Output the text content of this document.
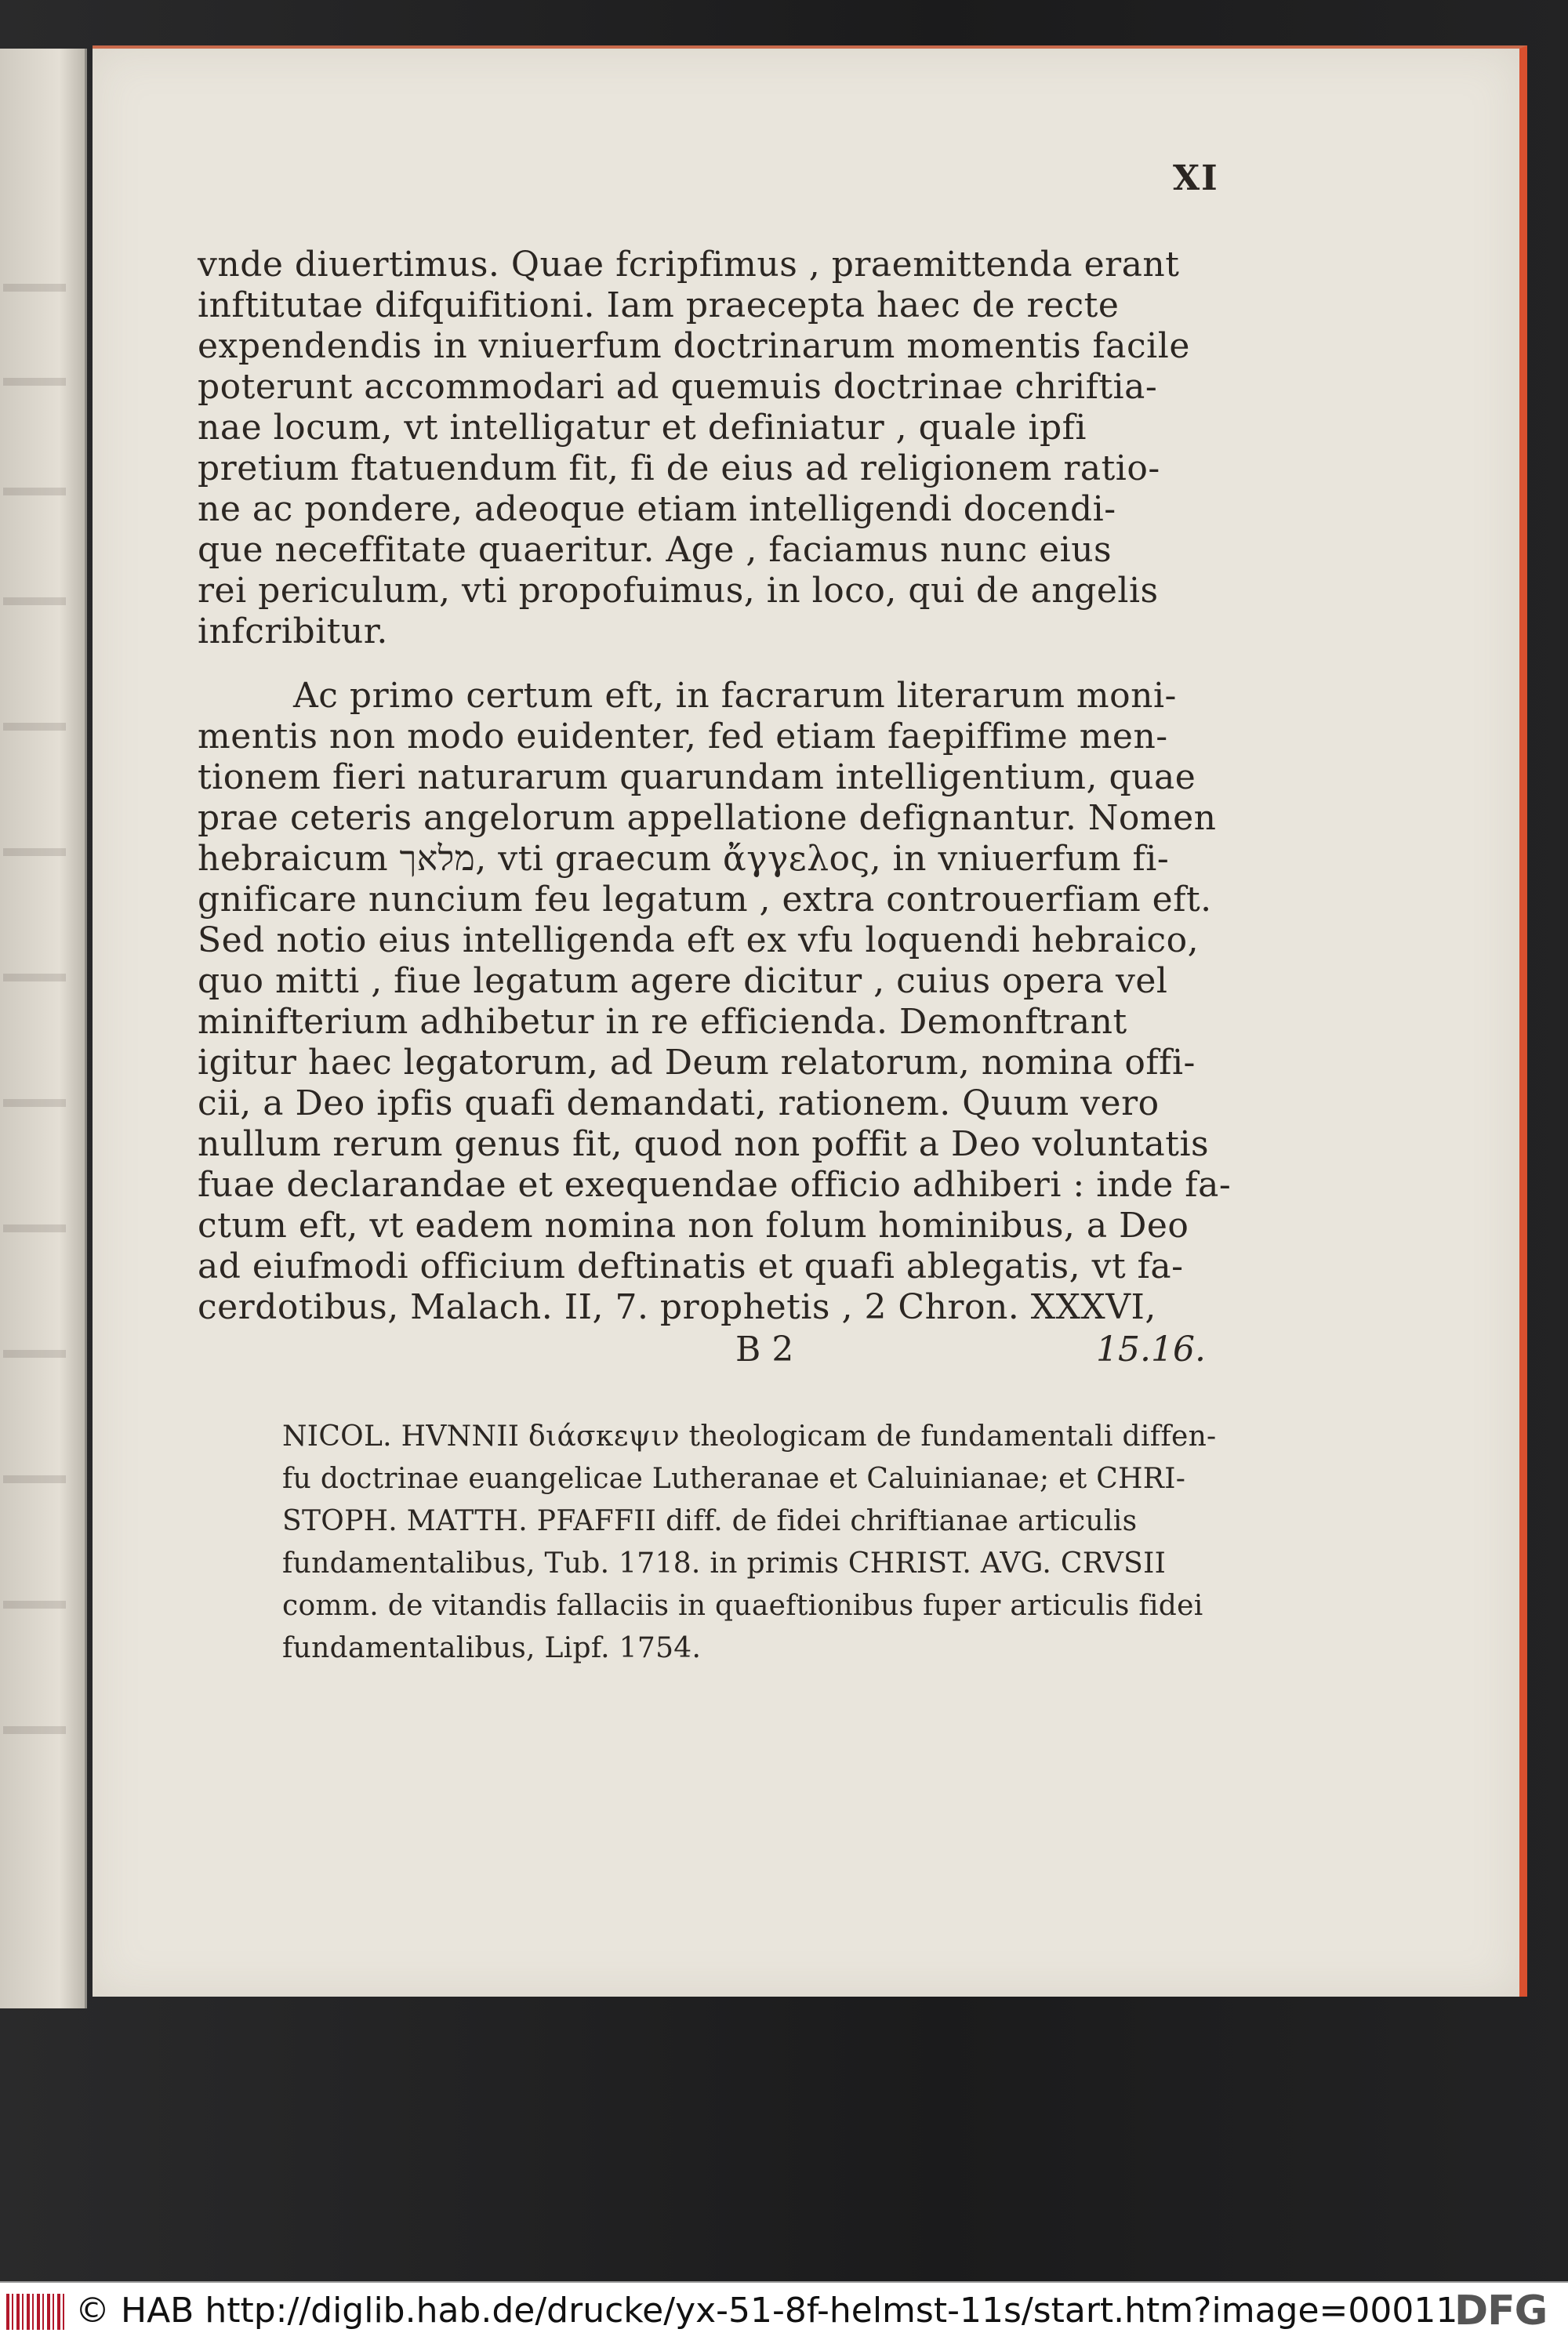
XI
vnde diuertimus. Quae fcripfimus , praemittenda erant
inftitutae difquifitioni. Iam praecepta haec de recte
expendendis in vniuerfum doctrinarum momentis facile
poterunt accommodari ad quemuis doctrinae chriftia-
nae locum, vt intelligatur et definiatur , quale ipfi
pretium ftatuendum fit, fi de eius ad religionem ratio-
ne ac pondere, adeoque etiam intelligendi docendi-
que neceffitate quaeritur. Age , faciamus nunc eius
rei periculum, vti propofuimus, in loco, qui de angelis
infcribitur.
Ac primo certum eft, in facrarum literarum moni-
mentis non modo euidenter, fed etiam faepiffime men-
tionem fieri naturarum quarundam intelligentium, quae
prae ceteris angelorum appellatione defignantur. Nomen
hebraicum מלאך, vti graecum ἄγγελος, in vniuerfum fi-
gnificare nuncium feu legatum , extra controuerfiam eft.
Sed notio eius intelligenda eft ex vfu loquendi hebraico,
quo mitti , fiue legatum agere dicitur , cuius opera vel
minifterium adhibetur in re efficienda. Demonftrant
igitur haec legatorum, ad Deum relatorum, nomina offi-
cii, a Deo ipfis quafi demandati, rationem. Quum vero
nullum rerum genus fit, quod non poffit a Deo voluntatis
fuae declarandae et exequendae officio adhiberi : inde fa-
ctum eft, vt eadem nomina non folum hominibus, a Deo
ad eiufmodi officium deftinatis et quafi ablegatis, vt fa-
cerdotibus, Malach. II, 7. prophetis , 2 Chron. XXXVI,
B 2	15.16.
NICOL. HVNNII διάσκεψιν theologicam de fundamentali diffen-
fu doctrinae euangelicae Lutheranae et Caluinianae; et CHRI-
STOPH. MATTH. PFAFFII diff. de fidei chriftianae articulis
fundamentalibus, Tub. 1718. in primis CHRIST. AVG. CRVSII
comm. de vitandis fallaciis in quaeftionibus fuper articulis fidei
fundamentalibus, Lipf. 1754.
© HAB http://diglib.hab.de/drucke/yx-51-8f-helmst-11s/start.htm?image=00011
DFG
